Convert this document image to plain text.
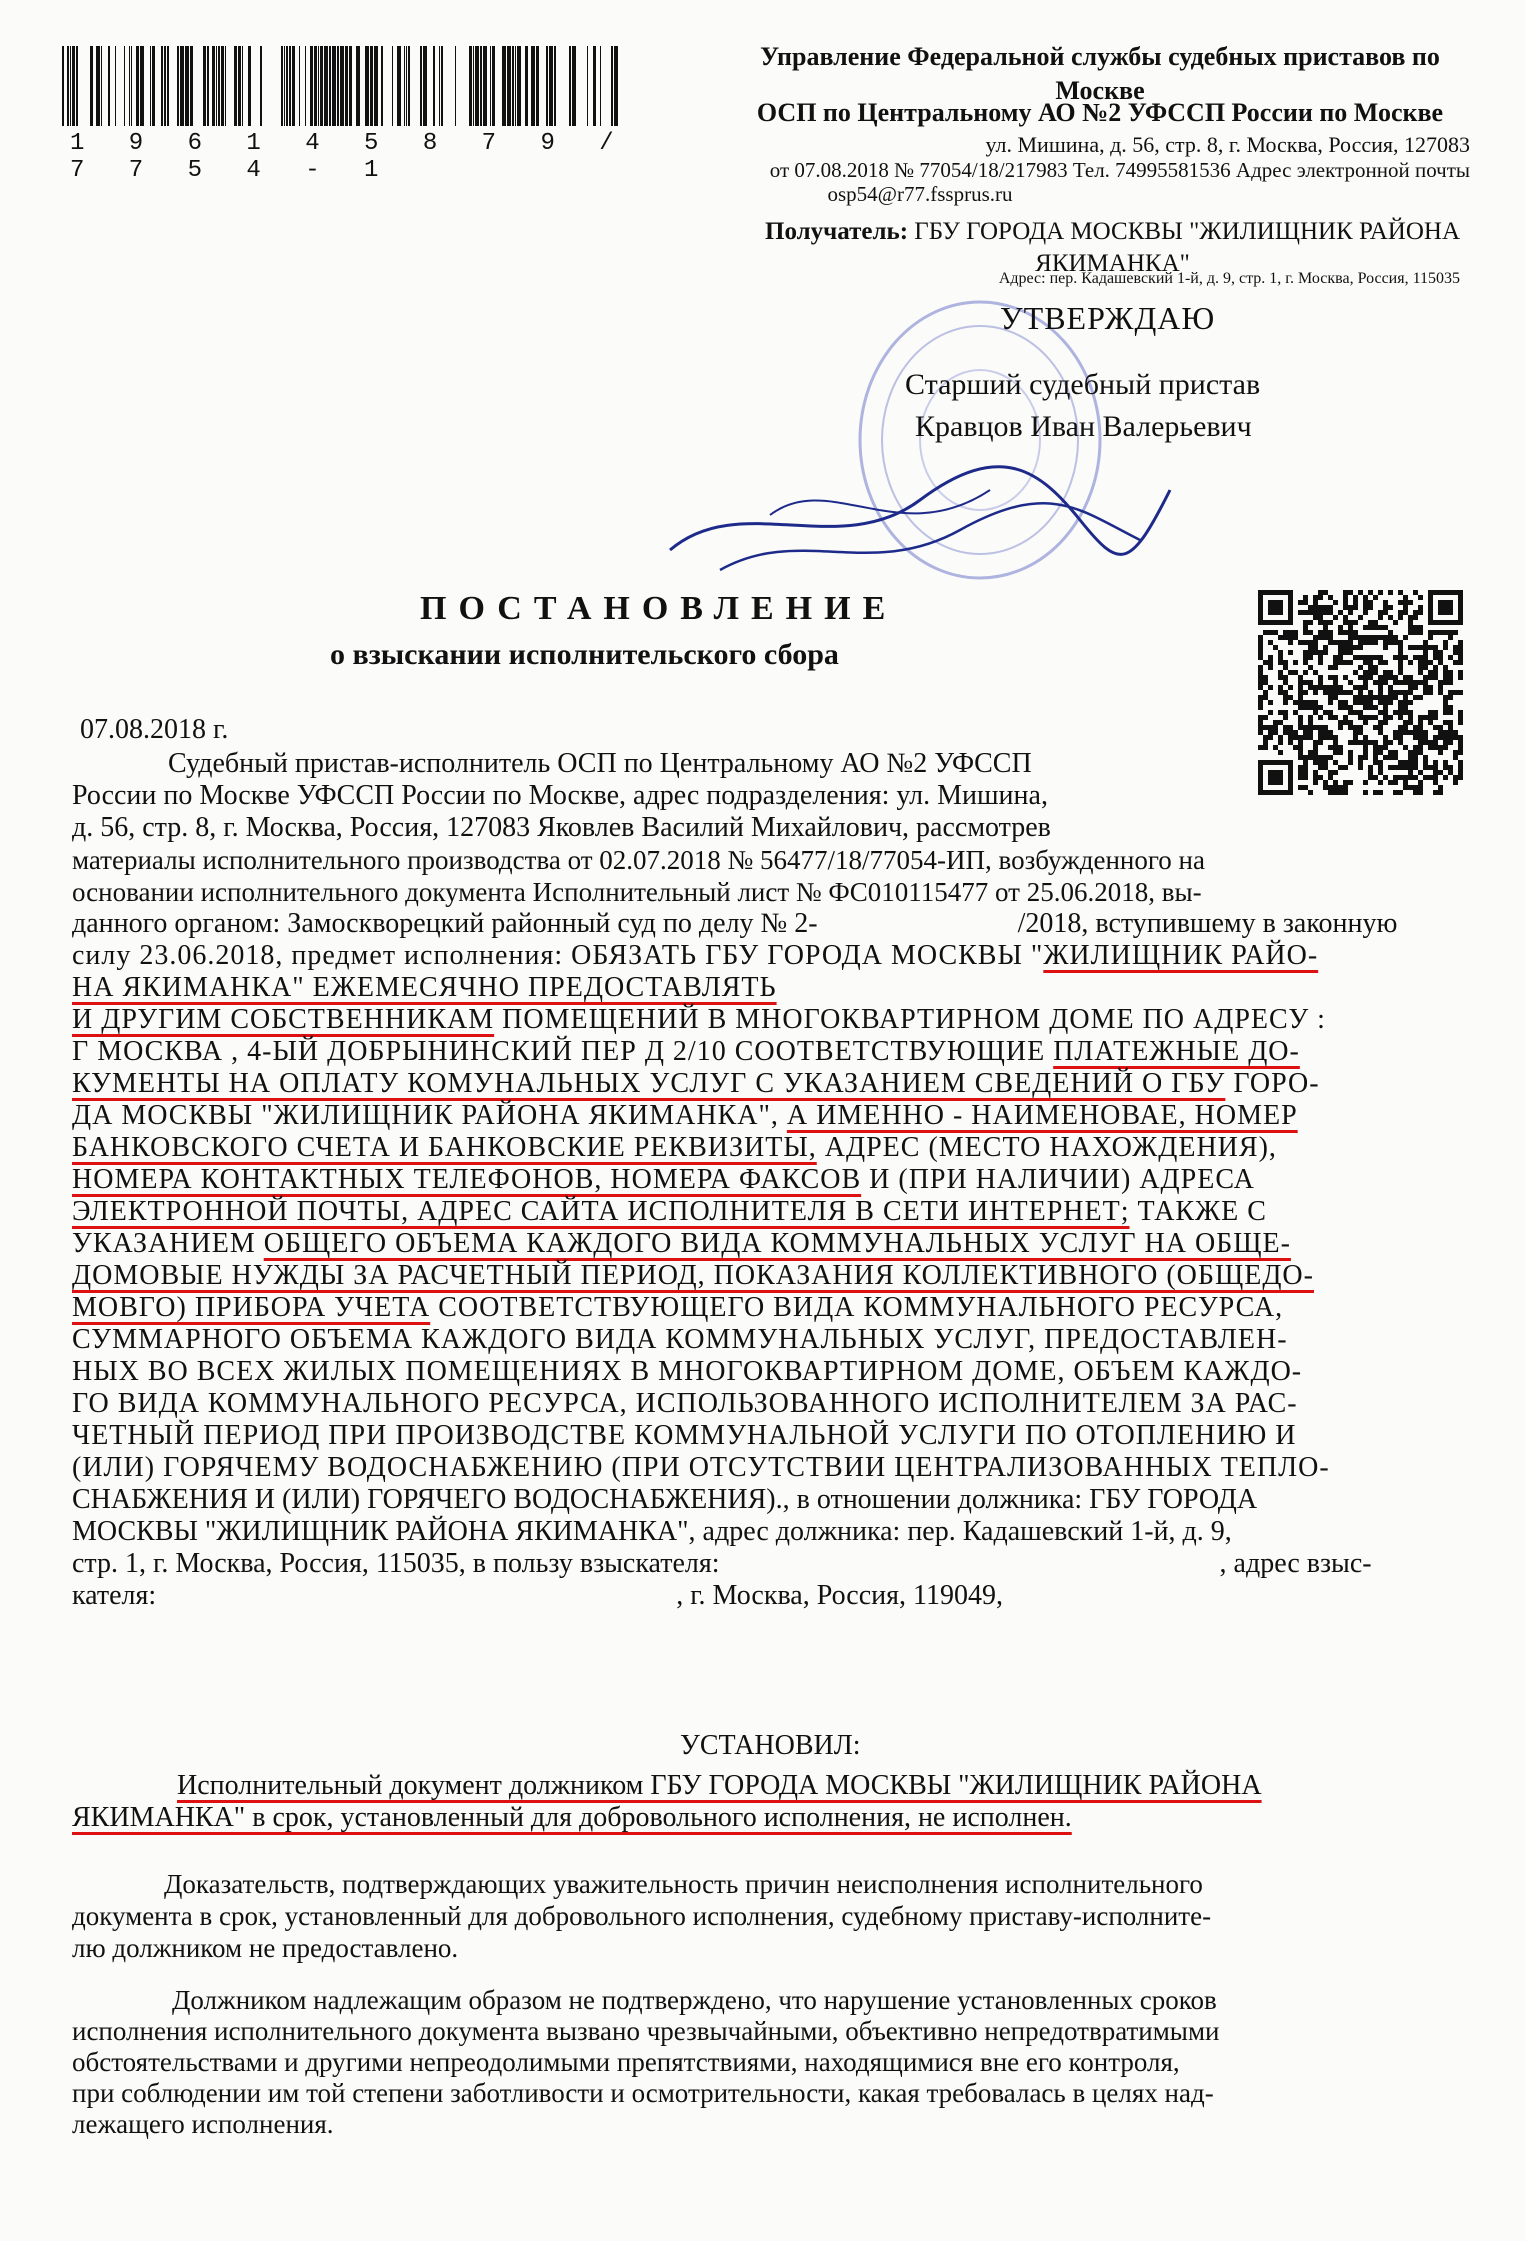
1 9 6 1 4 5 8 7 9 / 7 7 5 4 - 1
Управление Федеральной службы судебных приставов по Москве
ОСП по Центральному АО №2 УФССП России по Москве
ул. Мишина, д. 56, стр. 8, г. Москва, Россия, 127083
от 07.08.2018 № 77054/18/217983 Тел. 74995581536 Адрес электронной почты
osp54@r77.fssprus.ru
Получатель: ГБУ ГОРОДА МОСКВЫ "ЖИЛИЩНИК РАЙОНА ЯКИМАНКА"
Адрес: пер. Кадашевский 1-й, д. 9, стр. 1, г. Москва, Россия, 115035
УТВЕРЖДАЮ
Старший судебный пристав
Кравцов Иван Валерьевич
ПОСТАНОВЛЕНИЕ
о взыскании исполнительского сбора
07.08.2018 г.
Судебный пристав-исполнитель ОСП по Центральному АО №2 УФССП
России по Москве УФССП России по Москве, адрес подразделения: ул. Мишина,
д. 56, стр. 8, г. Москва, Россия, 127083 Яковлев Василий Михайлович, рассмотрев
материалы исполнительного производства от 02.07.2018 № 56477/18/77054-ИП, возбужденного на
основании исполнительного документа Исполнительный лист № ФС010115477 от 25.06.2018, вы-
данного органом: Замоскворецкий районный суд по делу № 2-	/2018, вступившему в законную
силу 23.06.2018, предмет исполнения: ОБЯЗАТЬ ГБУ ГОРОДА МОСКВЫ "ЖИЛИЩНИК РАЙО-
НА ЯКИМАНКА" ЕЖЕМЕСЯЧНО ПРЕДОСТАВЛЯТЬ
И ДРУГИМ СОБСТВЕННИКАМ ПОМЕЩЕНИЙ В МНОГОКВАРТИРНОМ ДОМЕ ПО АДРЕСУ :
Г МОСКВА , 4-ЫЙ ДОБРЫНИНСКИЙ ПЕР Д 2/10 СООТВЕТСТВУЮЩИЕ ПЛАТЕЖНЫЕ ДО-
КУМЕНТЫ НА ОПЛАТУ КОМУНАЛЬНЫХ УСЛУГ С УКАЗАНИЕМ СВЕДЕНИЙ О ГБУ ГОРО-
ДА МОСКВЫ "ЖИЛИЩНИК РАЙОНА ЯКИМАНКА", А ИМЕННО - НАИМЕНОВАЕ, НОМЕР
БАНКОВСКОГО СЧЕТА И БАНКОВСКИЕ РЕКВИЗИТЫ, АДРЕС (МЕСТО НАХОЖДЕНИЯ),
НОМЕРА КОНТАКТНЫХ ТЕЛЕФОНОВ, НОМЕРА ФАКСОВ И (ПРИ НАЛИЧИИ) АДРЕСА
ЭЛЕКТРОННОЙ ПОЧТЫ, АДРЕС САЙТА ИСПОЛНИТЕЛЯ В СЕТИ ИНТЕРНЕТ; ТАКЖЕ С
УКАЗАНИЕМ ОБЩЕГО ОБЪЕМА КАЖДОГО ВИДА КОММУНАЛЬНЫХ УСЛУГ НА ОБЩЕ-
ДОМОВЫЕ НУЖДЫ ЗА РАСЧЕТНЫЙ ПЕРИОД, ПОКАЗАНИЯ КОЛЛЕКТИВНОГО (ОБЩЕДО-
МОВГО) ПРИБОРА УЧЕТА СООТВЕТСТВУЮЩЕГО ВИДА КОММУНАЛЬНОГО РЕСУРСА,
СУММАРНОГО ОБЪЕМА КАЖДОГО ВИДА КОММУНАЛЬНЫХ УСЛУГ, ПРЕДОСТАВЛЕН-
НЫХ ВО ВСЕХ ЖИЛЫХ ПОМЕЩЕНИЯХ В МНОГОКВАРТИРНОМ ДОМЕ, ОБЪЕМ КАЖДО-
ГО ВИДА КОММУНАЛЬНОГО РЕСУРСА, ИСПОЛЬЗОВАННОГО ИСПОЛНИТЕЛЕМ ЗА РАС-
ЧЕТНЫЙ ПЕРИОД ПРИ ПРОИЗВОДСТВЕ КОММУНАЛЬНОЙ УСЛУГИ ПО ОТОПЛЕНИЮ И
(ИЛИ) ГОРЯЧЕМУ ВОДОСНАБЖЕНИЮ (ПРИ ОТСУТСТВИИ ЦЕНТРАЛИЗОВАННЫХ ТЕПЛО-
СНАБЖЕНИЯ И (ИЛИ) ГОРЯЧЕГО ВОДОСНАБЖЕНИЯ)., в отношении должника: ГБУ ГОРОДА
МОСКВЫ "ЖИЛИЩНИК РАЙОНА ЯКИМАНКА", адрес должника: пер. Кадашевский 1-й, д. 9,
стр. 1, г. Москва, Россия, 115035, в пользу взыскателя:	, адрес взыс-
кателя:	, г. Москва, Россия, 119049,
УСТАНОВИЛ:
Исполнительный документ должником ГБУ ГОРОДА МОСКВЫ "ЖИЛИЩНИК РАЙОНА
ЯКИМАНКА" в срок, установленный для добровольного исполнения, не исполнен.
Доказательств, подтверждающих уважительность причин неисполнения исполнительного
документа в срок, установленный для добровольного исполнения, судебному приставу-исполните-
лю должником не предоставлено.
Должником надлежащим образом не подтверждено, что нарушение установленных сроков
исполнения исполнительного документа вызвано чрезвычайными, объективно непредотвратимыми
обстоятельствами и другими непреодолимыми препятствиями, находящимися вне его контроля,
при соблюдении им той степени заботливости и осмотрительности, какая требовалась в целях над-
лежащего исполнения.
